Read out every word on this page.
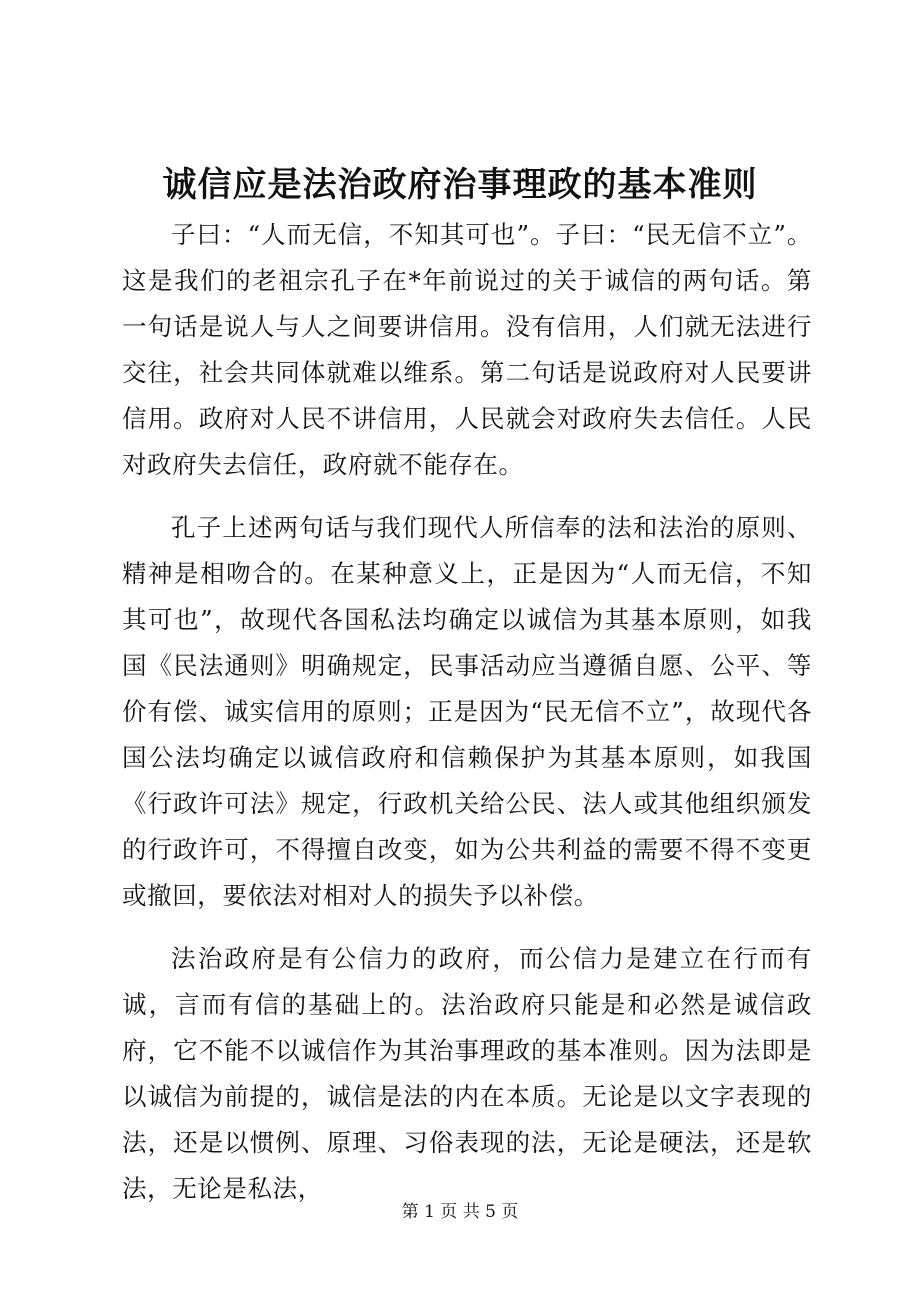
诚信应是法治政府治事理政的基本准则

子曰：“人而无信，不知其可也”。子曰：“民无信不立”。这是我们的老祖宗孔子在*年前说过的关于诚信的两句话。第一句话是说人与人之间要讲信用。没有信用，人们就无法进行交往，社会共同体就难以维系。第二句话是说政府对人民要讲信用。政府对人民不讲信用，人民就会对政府失去信任。人民对政府失去信任，政府就不能存在。

孔子上述两句话与我们现代人所信奉的法和法治的原则、精神是相吻合的。在某种意义上，正是因为“人而无信，不知其可也”，故现代各国私法均确定以诚信为其基本原则，如我国《民法通则》明确规定，民事活动应当遵循自愿、公平、等价有偿、诚实信用的原则；正是因为“民无信不立”，故现代各国公法均确定以诚信政府和信赖保护为其基本原则，如我国《行政许可法》规定，行政机关给公民、法人或其他组织颁发的行政许可，不得擅自改变，如为公共利益的需要不得不变更或撤回，要依法对相对人的损失予以补偿。

法治政府是有公信力的政府，而公信力是建立在行而有诚，言而有信的基础上的。法治政府只能是和必然是诚信政府，它不能不以诚信作为其治事理政的基本准则。因为法即是以诚信为前提的，诚信是法的内在本质。无论是以文字表现的法，还是以惯例、原理、习俗表现的法，无论是硬法，还是软法，无论是私法，

第 1 页 共 5 页
